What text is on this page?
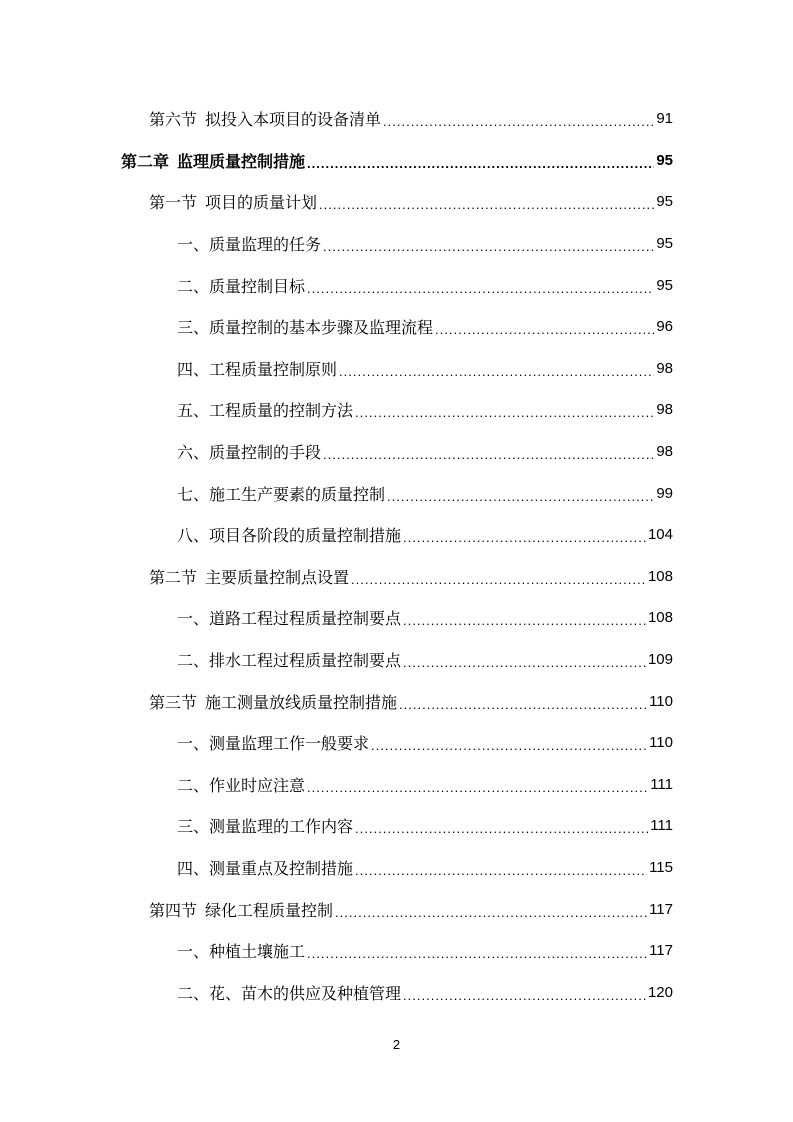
第六节 拟投入本项目的设备清单 .....	91
第二章 监理质量控制措施 .....	95
第一节 项目的质量计划 .....	95
一、质量监理的任务 .....	95
二、质量控制目标 .....	95
三、质量控制的基本步骤及监理流程 .....	96
四、工程质量控制原则 .....	98
五、工程质量的控制方法 .....	98
六、质量控制的手段 .....	98
七、施工生产要素的质量控制 .....	99
八、项目各阶段的质量控制措施 .....	104
第二节 主要质量控制点设置 .....	108
一、道路工程过程质量控制要点 .....	108
二、排水工程过程质量控制要点 .....	109
第三节 施工测量放线质量控制措施 .....	110
一、测量监理工作一般要求 .....	110
二、作业时应注意 .....	111
三、测量监理的工作内容 .....	111
四、测量重点及控制措施 .....	115
第四节 绿化工程质量控制 .....	117
一、种植土壤施工 .....	117
二、花、苗木的供应及种植管理 .....	120
2
